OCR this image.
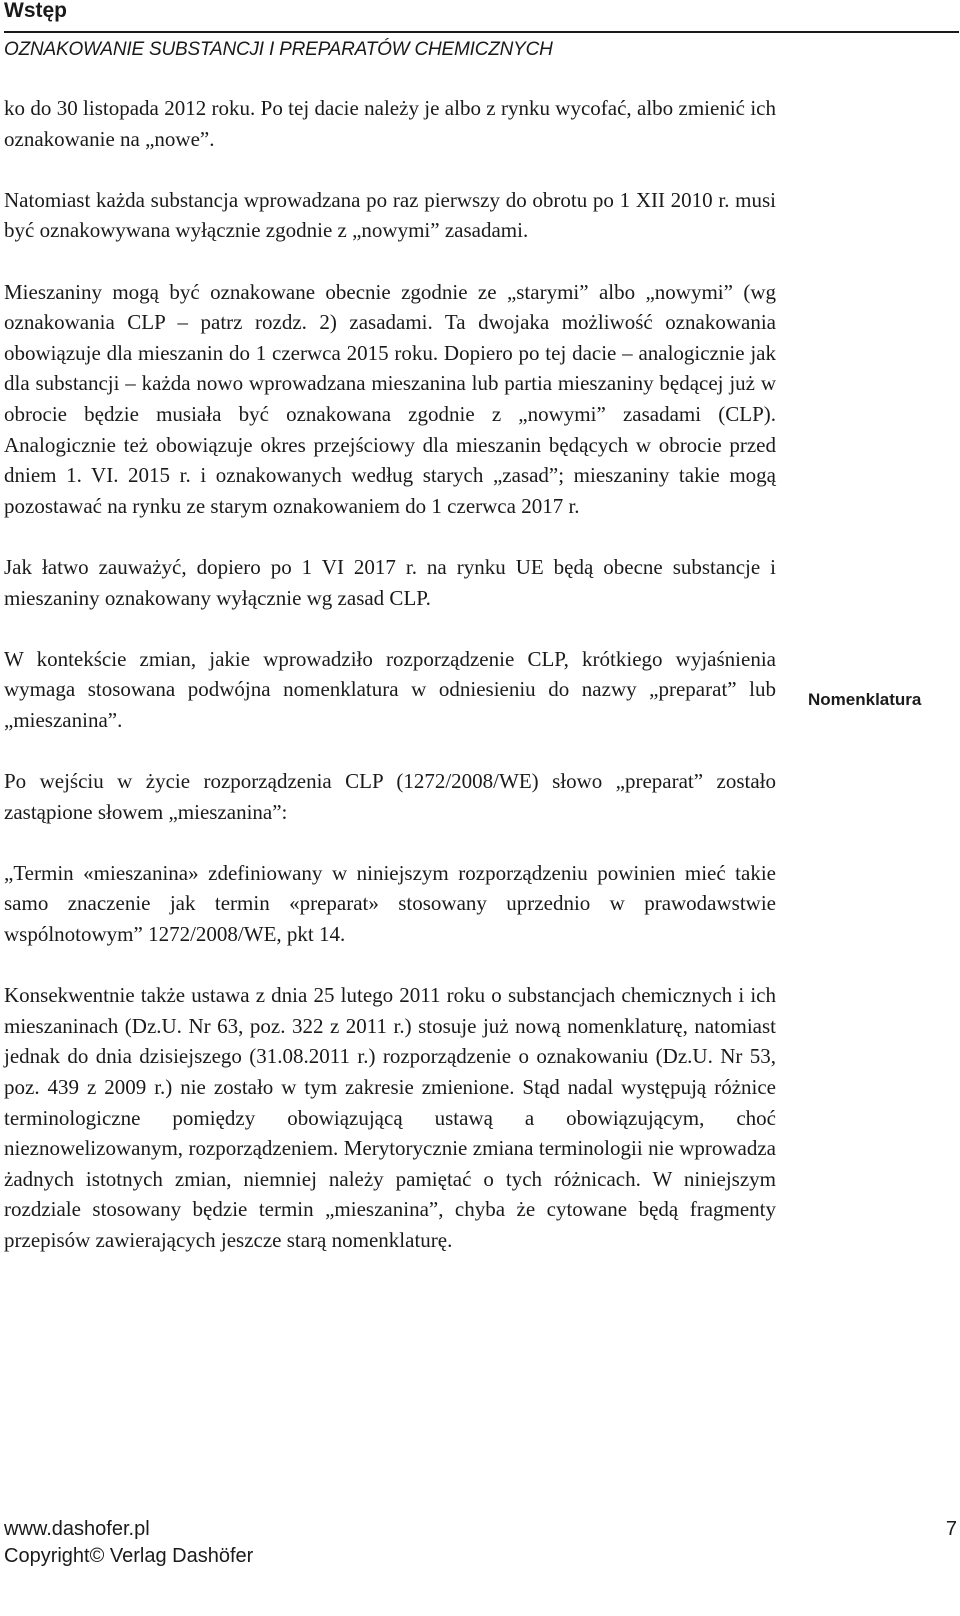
Wstęp
OZNAKOWANIE SUBSTANCJI I PREPARATÓW CHEMICZNYCH

ko do 30 listopada 2012 roku. Po tej dacie należy je albo z rynku wycofać, albo zmienić ich oznakowanie na „nowe”.

Natomiast każda substancja wprowadzana po raz pierwszy do obrotu po 1 XII 2010 r. musi być oznakowywana wyłącznie zgodnie z „nowymi” zasadami.

Mieszaniny mogą być oznakowane obecnie zgodnie ze „starymi” albo „nowymi” (wg oznakowania CLP – patrz rozdz. 2) zasadami. Ta dwojaka możliwość oznakowania obowiązuje dla mieszanin do 1 czerwca 2015 roku. Dopiero po tej dacie – analogicznie jak dla substancji – każda nowo wprowadzana mieszanina lub partia mieszaniny będącej już w obrocie będzie musiała być oznakowana zgodnie z „nowymi” zasadami (CLP). Analogicznie też obowiązuje okres przejściowy dla mieszanin będących w obrocie przed dniem 1. VI. 2015 r. i oznakowanych według starych „zasad”; mieszaniny takie mogą pozostawać na rynku ze starym oznakowaniem do 1 czerwca 2017 r.

Jak łatwo zauważyć, dopiero po 1 VI 2017 r. na rynku UE będą obecne substancje i mieszaniny oznakowany wyłącznie wg zasad CLP.

W kontekście zmian, jakie wprowadziło rozporządzenie CLP, krótkiego wyjaśnienia wymaga stosowana podwójna nomenklatura w odniesieniu do nazwy „preparat” lub „mieszanina”.

Po wejściu w życie rozporządzenia CLP (1272/2008/WE) słowo „preparat” zostało zastąpione słowem „mieszanina”:

„Termin «mieszanina» zdefiniowany w niniejszym rozporządzeniu powinien mieć takie samo znaczenie jak termin «preparat» stosowany uprzednio w prawodawstwie wspólnotowym” 1272/2008/WE, pkt 14.

Konsekwentnie także ustawa z dnia 25 lutego 2011 roku o substancjach chemicznych i ich mieszaninach (Dz.U. Nr 63, poz. 322 z 2011 r.) stosuje już nową nomenklaturę, natomiast jednak do dnia dzisiejszego (31.08.2011 r.) rozporządzenie o oznakowaniu (Dz.U. Nr 53, poz. 439 z 2009 r.) nie zostało w tym zakresie zmienione. Stąd nadal występują różnice terminologiczne pomiędzy obowiązującą ustawą a obowiązującym, choć nieznowelizowanym, rozporządzeniem. Merytorycznie zmiana terminologii nie wprowadza żadnych istotnych zmian, niemniej należy pamiętać o tych różnicach. W niniejszym rozdziale stosowany będzie termin „mieszanina”, chyba że cytowane będą fragmenty przepisów zawierających jeszcze starą nomenklaturę.

Nomenklatura
www.dashofer.pl	7
Copyright© Verlag Dashöfer
